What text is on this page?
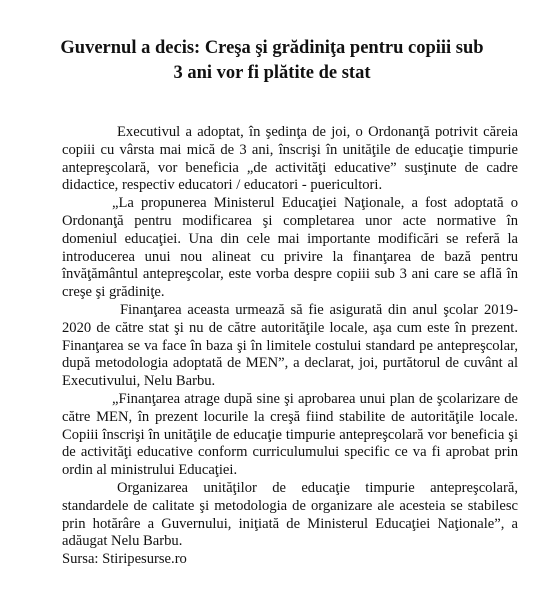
Guvernul a decis: Creşa şi grădiniţa pentru copiii sub
3 ani vor fi plătite de stat

Executivul a adoptat, în şedinţa de joi, o Ordonanţă potrivit căreia copiii cu vârsta mai mică de 3 ani, înscrişi în unităţile de educaţie timpurie antepreşcolară, vor beneficia „de activităţi educative” susţinute de cadre didactice, respectiv educatori / educatori - puericultori.

„La propunerea Ministerul Educaţiei Naţionale, a fost adoptată o Ordonanţă pentru modificarea şi completarea unor acte normative în domeniul educaţiei. Una din cele mai importante modificări se referă la introducerea unui nou alineat cu privire la finanţarea de bază pentru învăţământul antepreşcolar, este vorba despre copiii sub 3 ani care se află în creşe şi grădiniţe.

Finanţarea aceasta urmează să fie asigurată din anul şcolar 2019-2020 de către stat şi nu de către autorităţile locale, aşa cum este în prezent. Finanţarea se va face în baza şi în limitele costului standard pe antepreşcolar, după metodologia adoptată de MEN”, a declarat, joi, purtătorul de cuvânt al Executivului, Nelu Barbu.

„Finanţarea atrage după sine şi aprobarea unui plan de şcolarizare de către MEN, în prezent locurile la creşă fiind stabilite de autorităţile locale. Copiii înscrişi în unităţile de educaţie timpurie antepreşcolară vor beneficia şi de activităţi educative conform curriculumului specific ce va fi aprobat prin ordin al ministrului Educaţiei.

Organizarea unităţilor de educaţie timpurie antepreşcolară, standardele de calitate şi metodologia de organizare ale acesteia se stabilesc prin hotărâre a Guvernului, iniţiată de Ministerul Educaţiei Naţionale”, a adăugat Nelu Barbu.

Sursa: Stiripesurse.ro
